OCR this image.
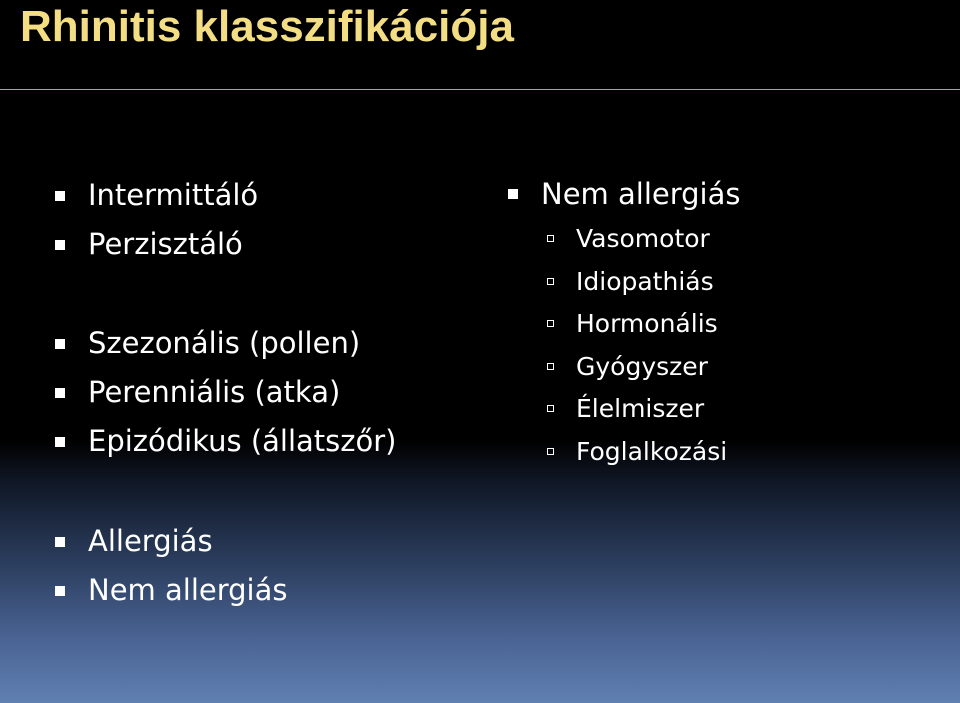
Rhinitis klasszifikációja
Intermittáló
Perzisztáló
Szezonális (pollen)
Perenniális (atka)
Epizódikus (állatszőr)
Allergiás
Nem allergiás
Nem allergiás
Vasomotor
Idiopathiás
Hormonális
Gyógyszer
Élelmiszer
Foglalkozási
